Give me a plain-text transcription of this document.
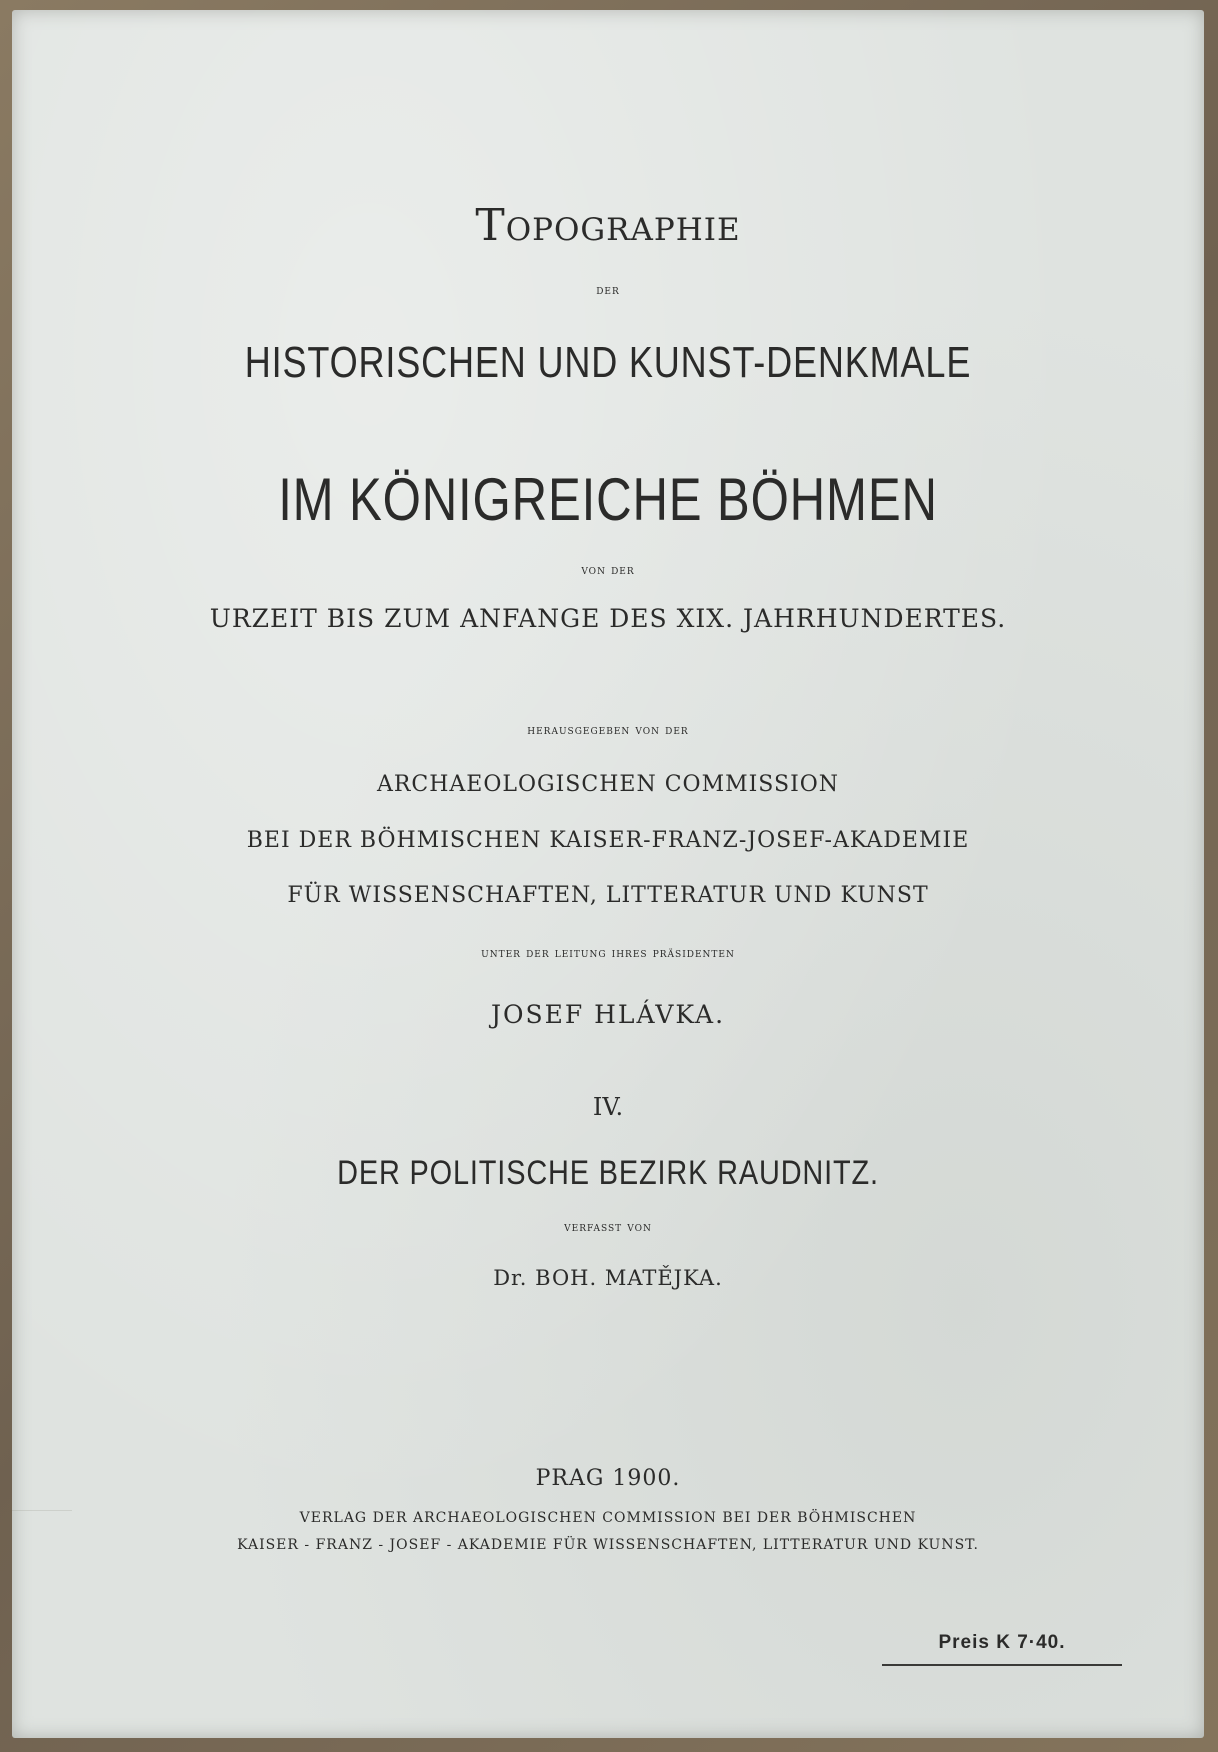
Topographie
der
HISTORISCHEN UND KUNST-DENKMALE
IM KÖNIGREICHE BÖHMEN
von der
URZEIT BIS ZUM ANFANGE DES XIX. JAHRHUNDERTES.
herausgegeben von der
ARCHAEOLOGISCHEN COMMISSION
BEI DER BÖHMISCHEN KAISER-FRANZ-JOSEF-AKADEMIE
FÜR WISSENSCHAFTEN, LITTERATUR UND KUNST
unter der leitung ihres präsidenten
JOSEF HLÁVKA.
IV.
DER POLITISCHE BEZIRK RAUDNITZ.
verfasst von
Dr. BOH. MATĚJKA.
PRAG 1900.
VERLAG DER ARCHAEOLOGISCHEN COMMISSION BEI DER BÖHMISCHEN
KAISER - FRANZ - JOSEF - AKADEMIE FÜR WISSENSCHAFTEN, LITTERATUR UND KUNST.
Preis K 7·40.
